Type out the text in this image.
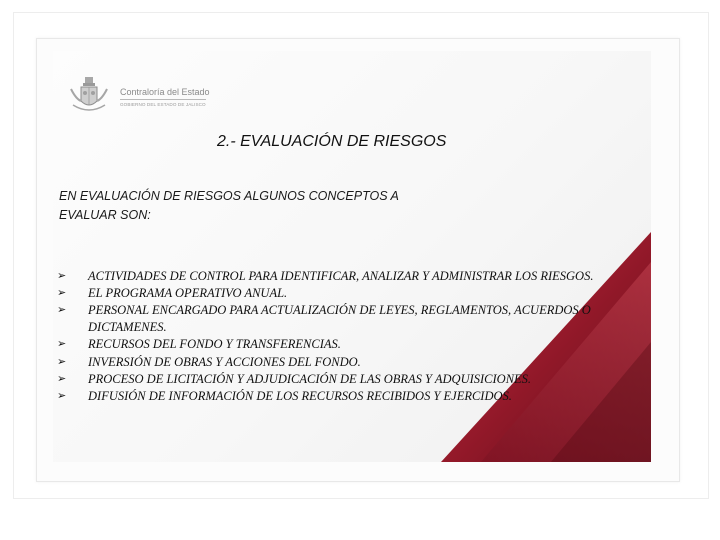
Contraloría del Estado
GOBIERNO DEL ESTADO DE JALISCO
2.- EVALUACIÓN DE RIESGOS
EN EVALUACIÓN DE RIESGOS ALGUNOS CONCEPTOS A
EVALUAR SON:
➢ ACTIVIDADES DE CONTROL PARA IDENTIFICAR, ANALIZAR Y ADMINISTRAR LOS RIESGOS.
➢ EL PROGRAMA OPERATIVO ANUAL.
➢ PERSONAL ENCARGADO PARA ACTUALIZACIÓN DE LEYES, REGLAMENTOS, ACUERDOS O DICTAMENES.
➢ RECURSOS DEL FONDO Y TRANSFERENCIAS.
➢ INVERSIÓN DE OBRAS Y ACCIONES DEL FONDO.
➢ PROCESO DE LICITACIÓN Y ADJUDICACIÓN DE LAS OBRAS Y ADQUISICIONES.
➢ DIFUSIÓN DE INFORMACIÓN DE LOS RECURSOS RECIBIDOS Y EJERCIDOS.
